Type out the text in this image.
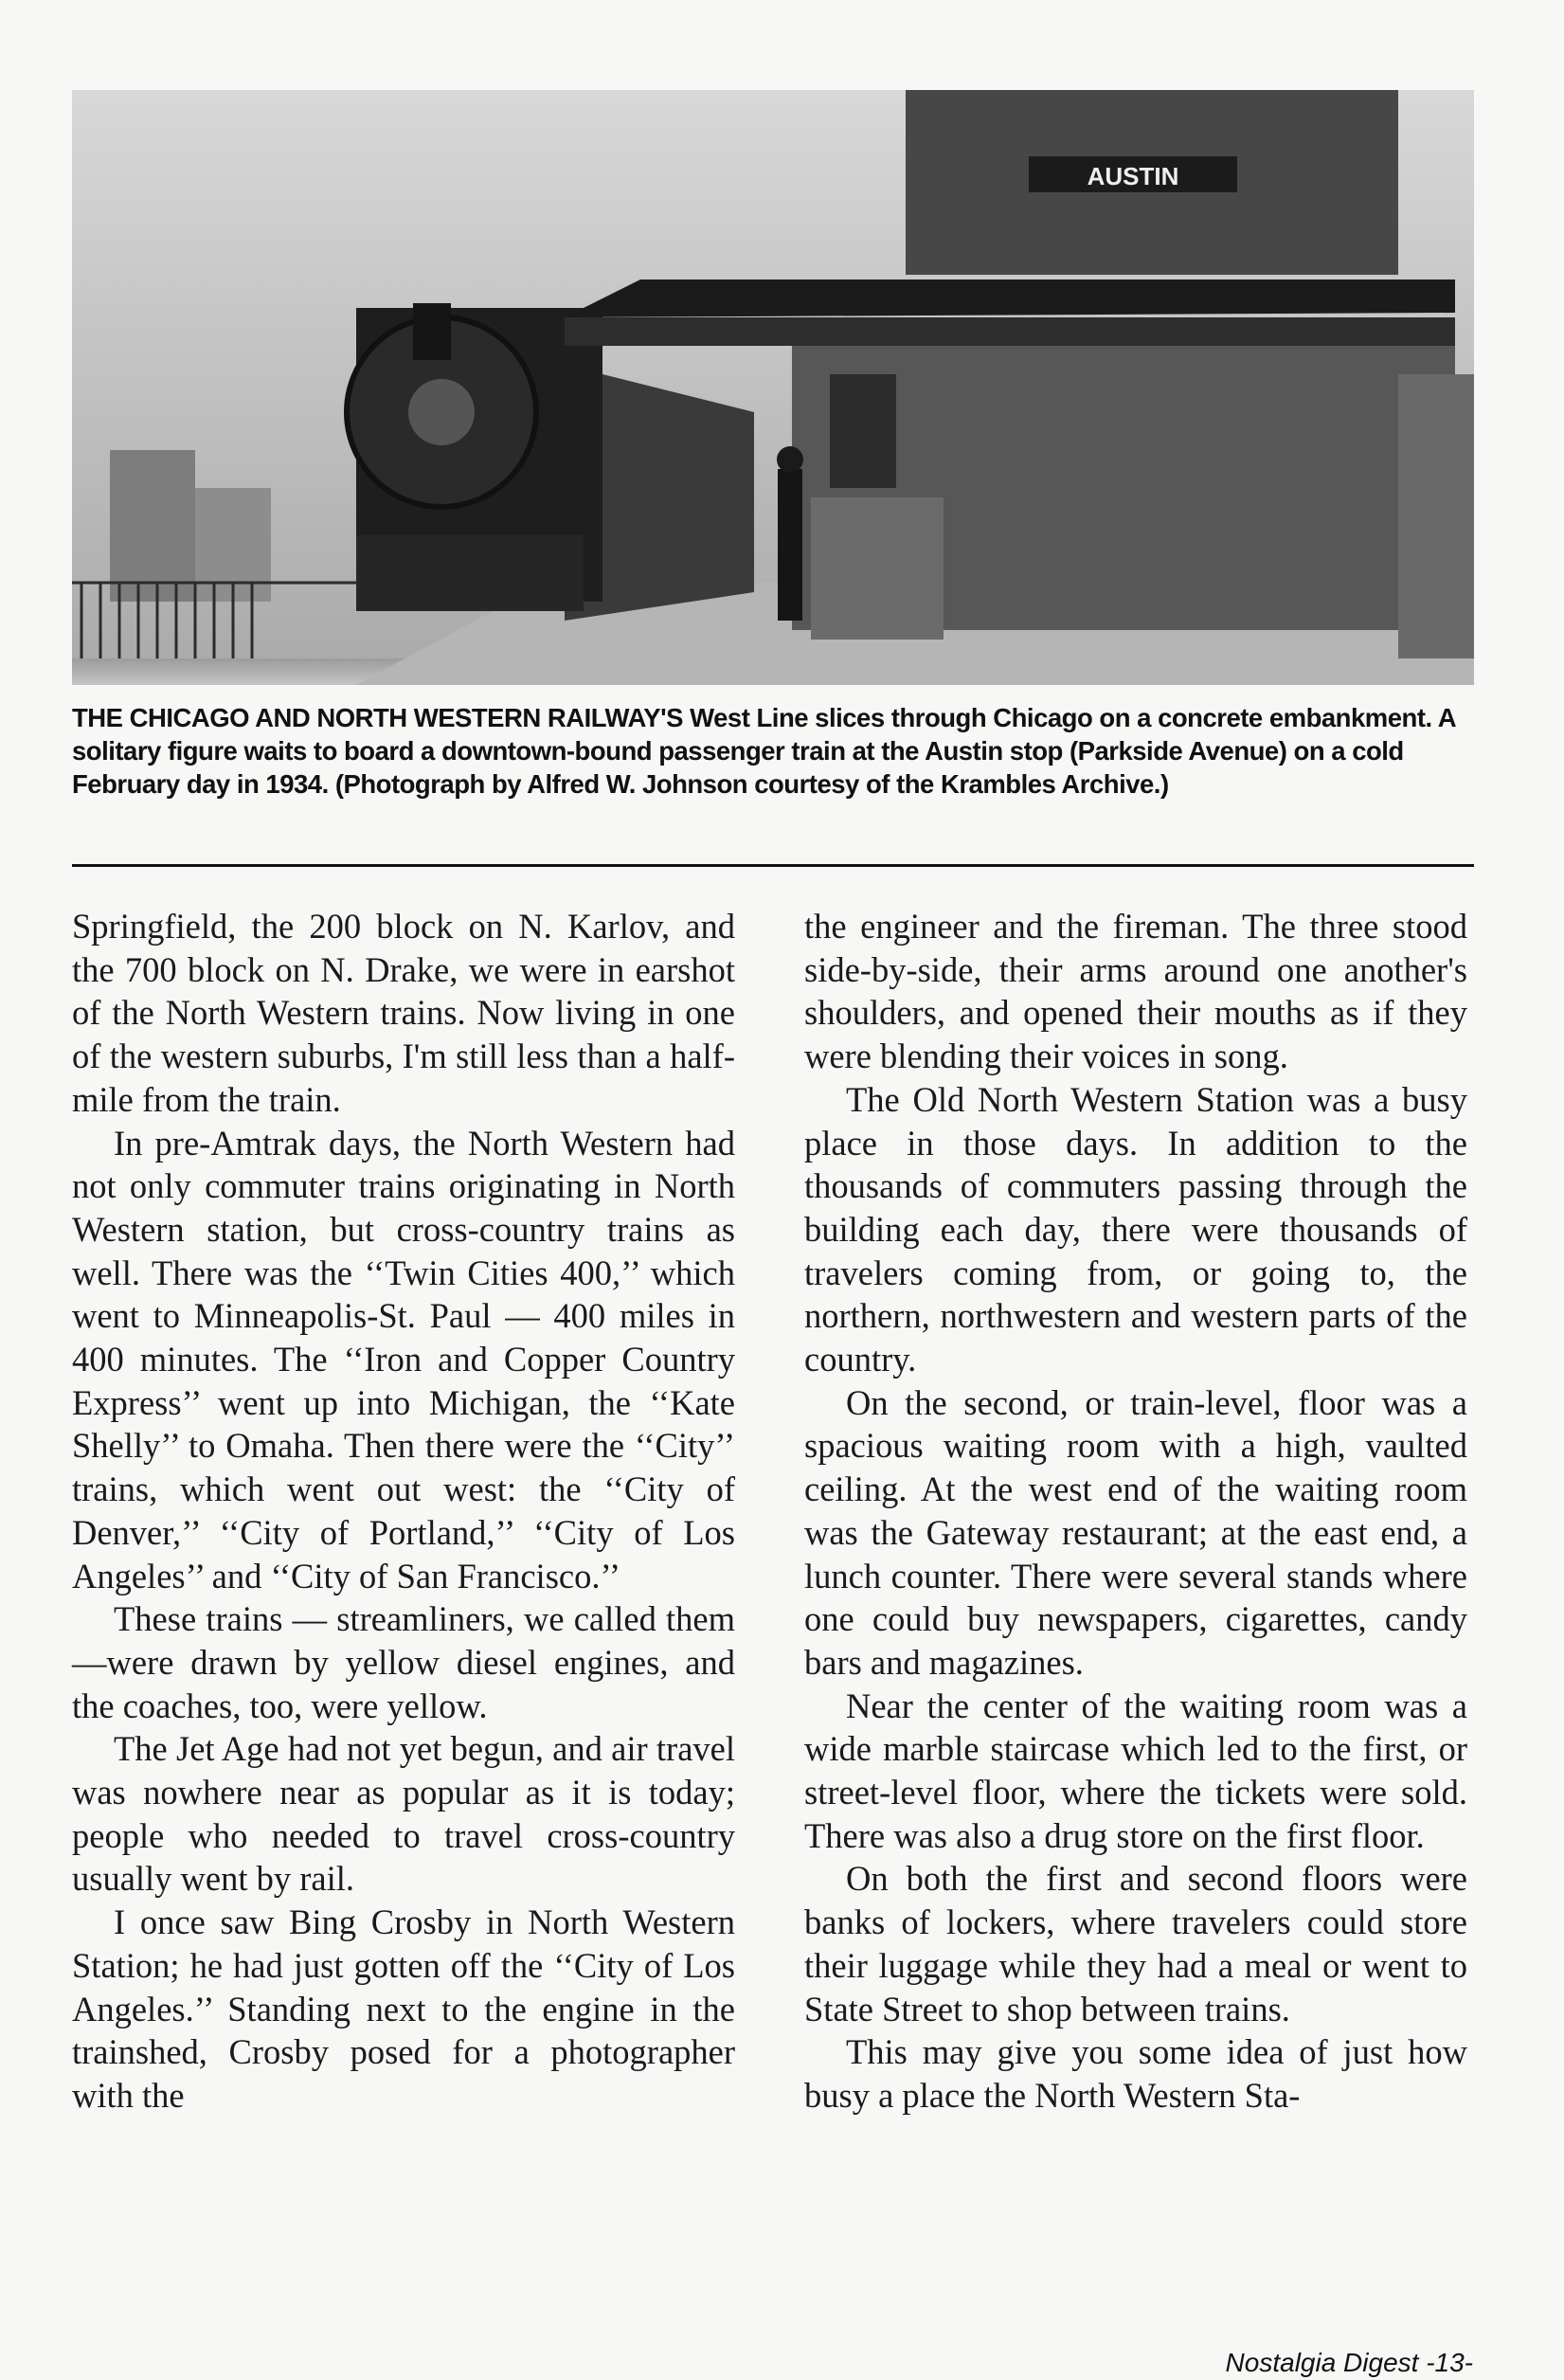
AUSTIN
THE CHICAGO AND NORTH WESTERN RAILWAY'S West Line slices through Chicago on a concrete embankment. A solitary figure waits to board a downtown-bound passenger train at the Austin stop (Parkside Avenue) on a cold February day in 1934. (Photograph by Alfred W. Johnson courtesy of the Krambles Archive.)

Springfield, the 200 block on N. Karlov, and the 700 block on N. Drake, we were in earshot of the North Western trains. Now living in one of the western suburbs, I'm still less than a half-mile from the train.

In pre-Amtrak days, the North Western had not only commuter trains originating in North Western station, but cross-country trains as well. There was the ‘‘Twin Cities 400,’’ which went to Minneapolis-St. Paul — 400 miles in 400 minutes. The ‘‘Iron and Copper Country Express’’ went up into Michigan, the ‘‘Kate Shelly’’ to Omaha. Then there were the ‘‘City’’ trains, which went out west: the ‘‘City of Denver,’’ ‘‘City of Portland,’’ ‘‘City of Los Angeles’’ and ‘‘City of San Francisco.’’

These trains — streamliners, we called them —were drawn by yellow diesel engines, and the coaches, too, were yellow.

The Jet Age had not yet begun, and air travel was nowhere near as popular as it is today; people who needed to travel cross-country usually went by rail.

I once saw Bing Crosby in North Western Station; he had just gotten off the ‘‘City of Los Angeles.’’ Standing next to the engine in the trainshed, Crosby posed for a photographer with the

the engineer and the fireman. The three stood side-by-side, their arms around one another's shoulders, and opened their mouths as if they were blending their voices in song.

The Old North Western Station was a busy place in those days. In addition to the thousands of commuters passing through the building each day, there were thousands of travelers coming from, or going to, the northern, northwestern and western parts of the country.

On the second, or train-level, floor was a spacious waiting room with a high, vaulted ceiling. At the west end of the waiting room was the Gateway restaurant; at the east end, a lunch counter. There were several stands where one could buy newspapers, cigarettes, candy bars and magazines.

Near the center of the waiting room was a wide marble staircase which led to the first, or street-level floor, where the tickets were sold. There was also a drug store on the first floor.

On both the first and second floors were banks of lockers, where travelers could store their luggage while they had a meal or went to State Street to shop between trains.

This may give you some idea of just how busy a place the North Western Sta-

Nostalgia Digest -13-
